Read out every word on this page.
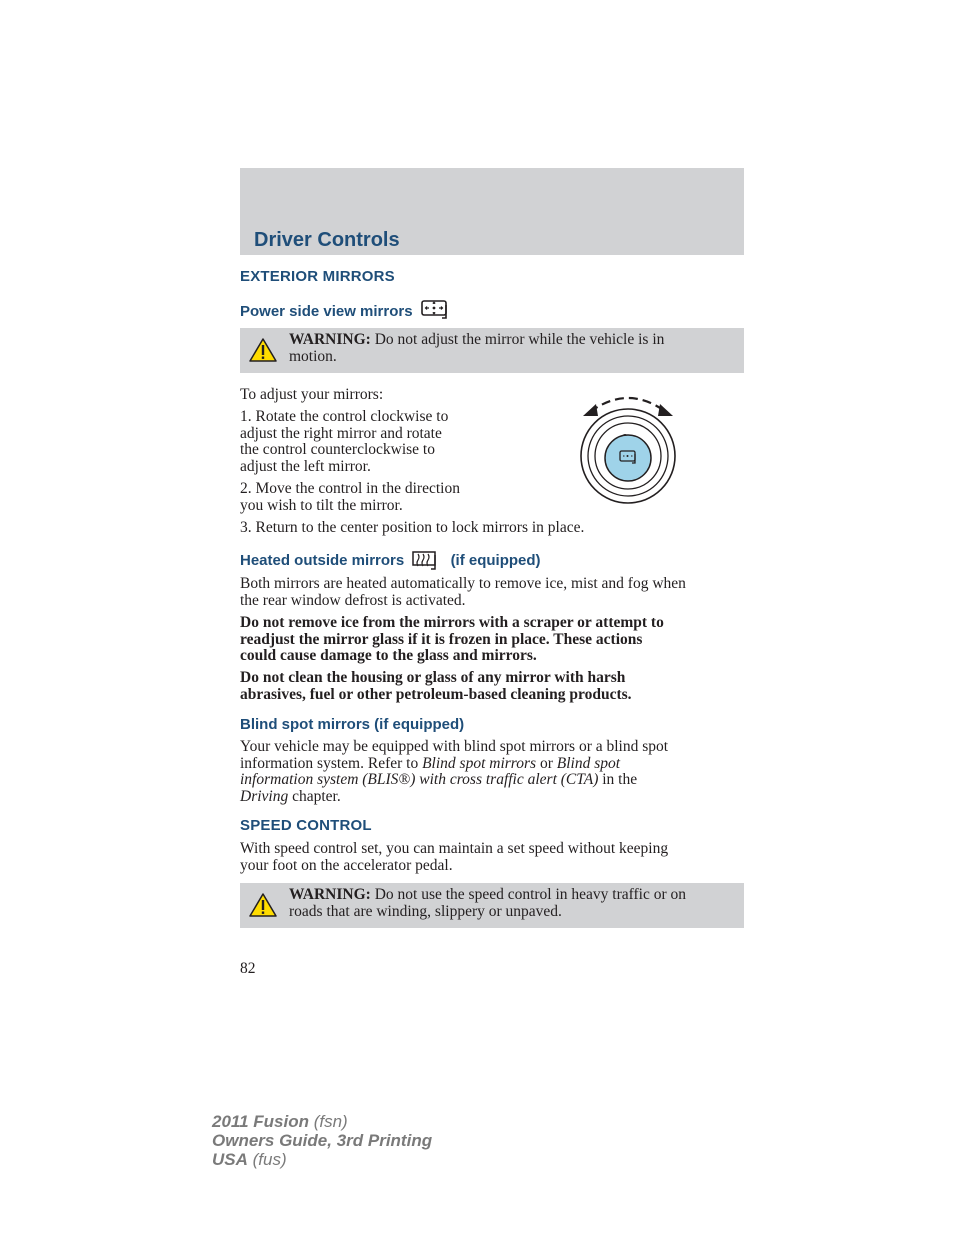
Driver Controls
EXTERIOR MIRRORS
Power side view mirrors
WARNING: Do not adjust the mirror while the vehicle is in motion.
To adjust your mirrors:
1. Rotate the control clockwise to
adjust the right mirror and rotate
the control counterclockwise to
adjust the left mirror.
2. Move the control in the direction
you wish to tilt the mirror.
3. Return to the center position to lock mirrors in place.
Heated outside mirrors	(if equipped)
Both mirrors are heated automatically to remove ice, mist and fog when
the rear window defrost is activated.
Do not remove ice from the mirrors with a scraper or attempt to
readjust the mirror glass if it is frozen in place. These actions
could cause damage to the glass and mirrors.
Do not clean the housing or glass of any mirror with harsh
abrasives, fuel or other petroleum-based cleaning products.
Blind spot mirrors (if equipped)
Your vehicle may be equipped with blind spot mirrors or a blind spot
information system. Refer to Blind spot mirrors or Blind spot
information system (BLIS®) with cross traffic alert (CTA) in the
Driving chapter.
SPEED CONTROL
With speed control set, you can maintain a set speed without keeping
your foot on the accelerator pedal.
WARNING: Do not use the speed control in heavy traffic or on
roads that are winding, slippery or unpaved.
82
2011 Fusion (fsn)
Owners Guide, 3rd Printing
USA (fus)
